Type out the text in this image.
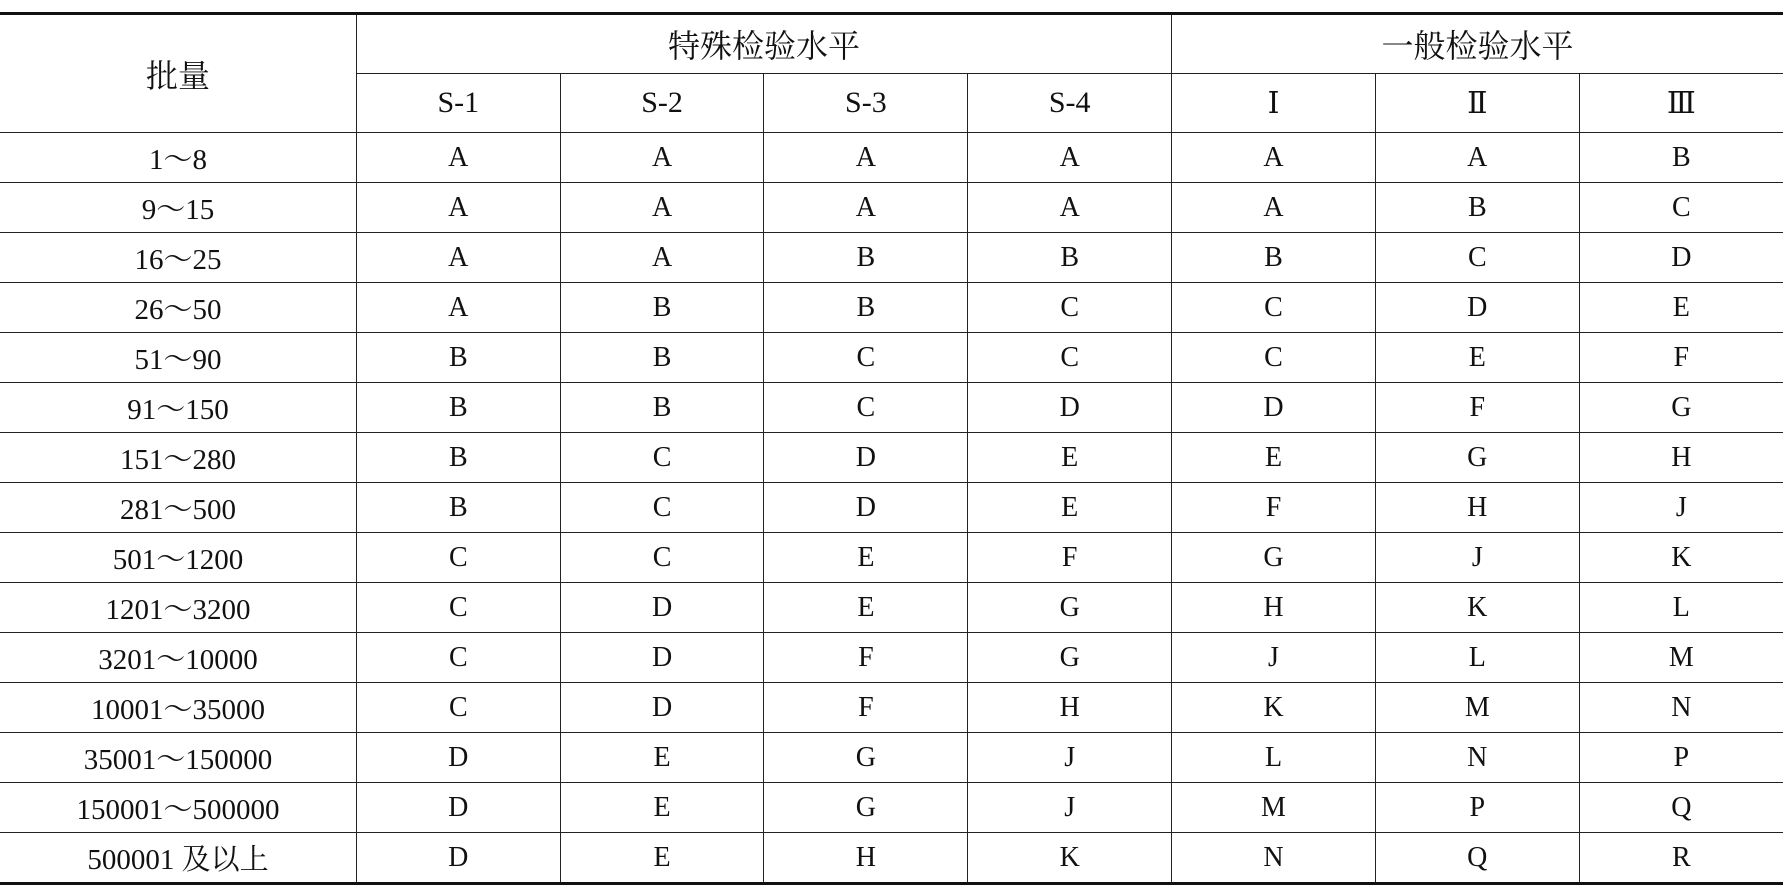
批量	特殊检验水平				一般检验水平		
	S-1	S-2	S-3	S-4	Ⅰ	Ⅱ	Ⅲ
1～8	A	A	A	A	A	A	B
9～15	A	A	A	A	A	B	C
16～25	A	A	B	B	B	C	D
26～50	A	B	B	C	C	D	E
51～90	B	B	C	C	C	E	F
91～150	B	B	C	D	D	F	G
151～280	B	C	D	E	E	G	H
281～500	B	C	D	E	F	H	J
501～1200	C	C	E	F	G	J	K
1201～3200	C	D	E	G	H	K	L
3201～10000	C	D	F	G	J	L	M
10001～35000	C	D	F	H	K	M	N
35001～150000	D	E	G	J	L	N	P
150001～500000	D	E	G	J	M	P	Q
500001 及以上	D	E	H	K	N	Q	R
